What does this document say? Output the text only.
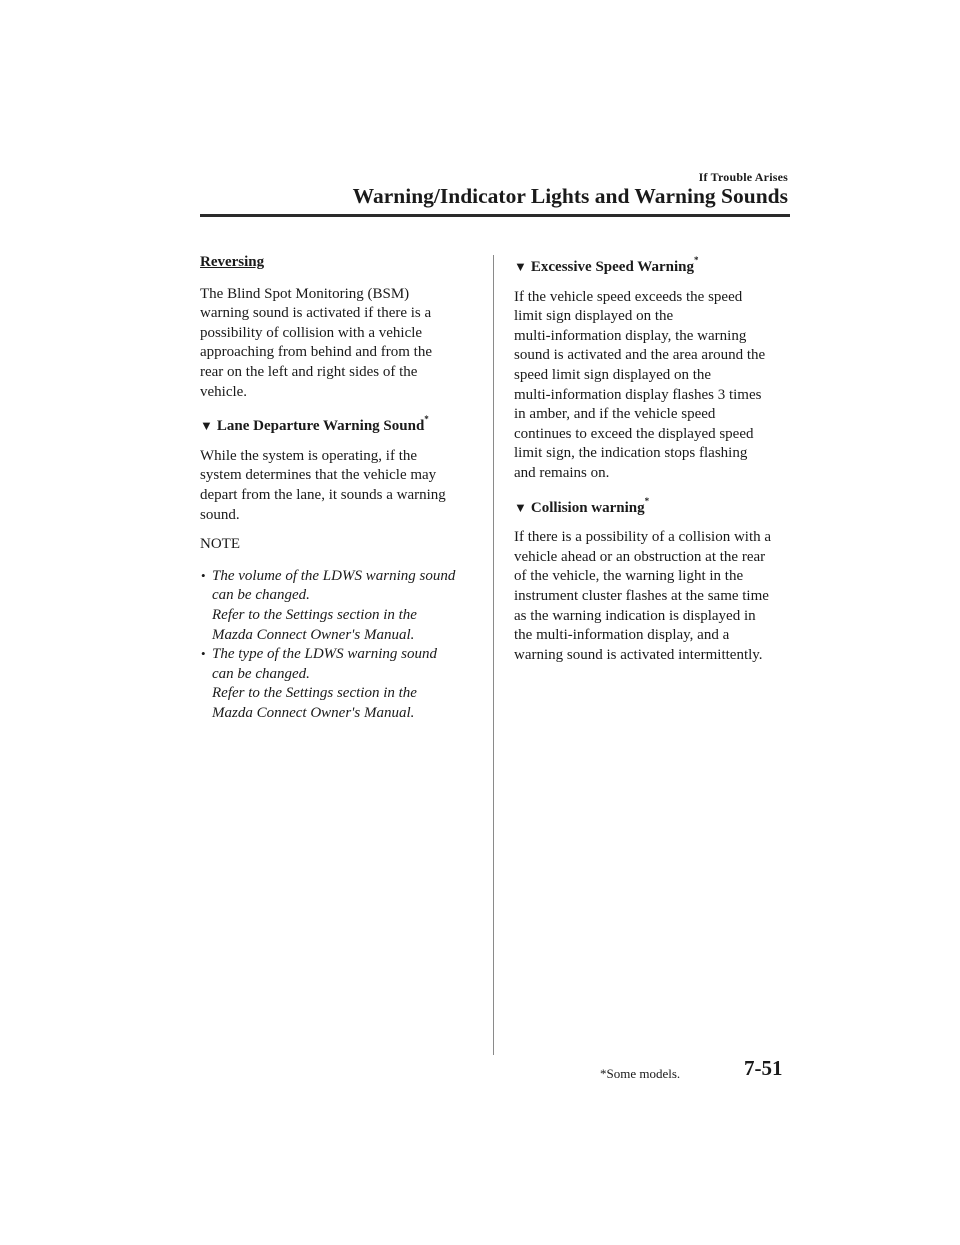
If Trouble Arises
Warning/Indicator Lights and Warning Sounds
Reversing

The Blind Spot Monitoring (BSM)
warning sound is activated if there is a
possibility of collision with a vehicle
approaching from behind and from the
rear on the left and right sides of the
vehicle.

▼ Lane Departure Warning Sound*

While the system is operating, if the
system determines that the vehicle may
depart from the lane, it sounds a warning
sound.

NOTE
• The volume of the LDWS warning sound
can be changed.
Refer to the Settings section in the
Mazda Connect Owner's Manual.
• The type of the LDWS warning sound
can be changed.
Refer to the Settings section in the
Mazda Connect Owner's Manual.
▼ Excessive Speed Warning*

If the vehicle speed exceeds the speed
limit sign displayed on the
multi-information display, the warning
sound is activated and the area around the
speed limit sign displayed on the
multi-information display flashes 3 times
in amber, and if the vehicle speed
continues to exceed the displayed speed
limit sign, the indication stops flashing
and remains on.

▼ Collision warning*

If there is a possibility of a collision with a
vehicle ahead or an obstruction at the rear
of the vehicle, the warning light in the
instrument cluster flashes at the same time
as the warning indication is displayed in
the multi-information display, and a
warning sound is activated intermittently.

*Some models.	7-51
